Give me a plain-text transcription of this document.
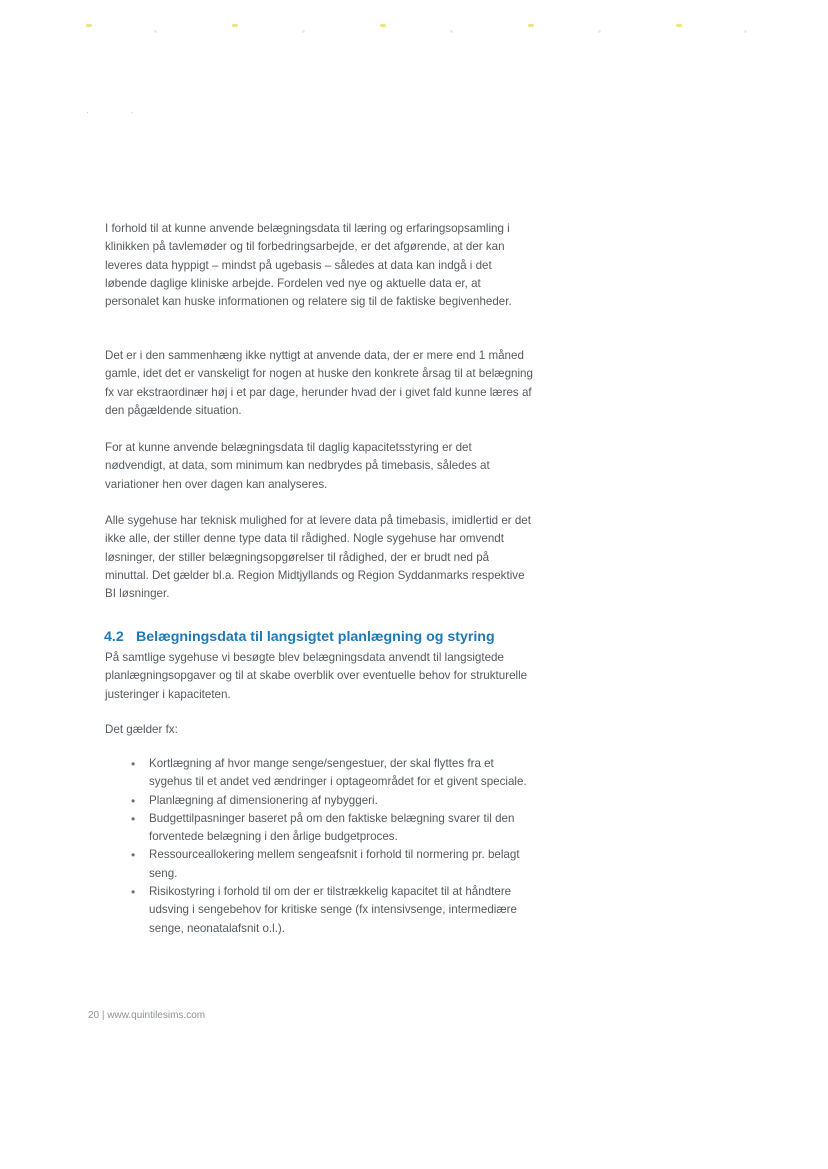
· ·

I forhold til at kunne anvende belægningsdata til læring og erfaringsopsamling i klinikken på tavlemøder og til forbedringsarbejde, er det afgørende, at der kan leveres data hyppigt – mindst på ugebasis – således at data kan indgå i det løbende daglige kliniske arbejde. Fordelen ved nye og aktuelle data er, at personalet kan huske informationen og relatere sig til de faktiske begivenheder.

Det er i den sammenhæng ikke nyttigt at anvende data, der er mere end 1 måned gamle, idet det er vanskeligt for nogen at huske den konkrete årsag til at belægning fx var ekstraordinær høj i et par dage, herunder hvad der i givet fald kunne læres af den pågældende situation.

For at kunne anvende belægningsdata til daglig kapacitetsstyring er det nødvendigt, at data, som minimum kan nedbrydes på timebasis, således at variationer hen over dagen kan analyseres.

Alle sygehuse har teknisk mulighed for at levere data på timebasis, imidlertid er det ikke alle, der stiller denne type data til rådighed. Nogle sygehuse har omvendt løsninger, der stiller belægningsopgørelser til rådighed, der er brudt ned på minuttal. Det gælder bl.a. Region Midtjyllands og Region Syddanmarks respektive BI løsninger.

4.2 Belægningsdata til langsigtet planlægning og styring

På samtlige sygehuse vi besøgte blev belægningsdata anvendt til langsigtede planlægningsopgaver og til at skabe overblik over eventuelle behov for strukturelle justeringer i kapaciteten.

Det gælder fx:

• Kortlægning af hvor mange senge/sengestuer, der skal flyttes fra et sygehus til et andet ved ændringer i optageområdet for et givent speciale.
• Planlægning af dimensionering af nybyggeri.
• Budgettilpasninger baseret på om den faktiske belægning svarer til den forventede belægning i den årlige budgetproces.
• Ressourceallokering mellem sengeafsnit i forhold til normering pr. belagt seng.
• Risikostyring i forhold til om der er tilstrækkelig kapacitet til at håndtere udsving i sengebehov for kritiske senge (fx intensivsenge, intermediære senge, neonatalafsnit o.l.).
20 | www.quintilesims.com
